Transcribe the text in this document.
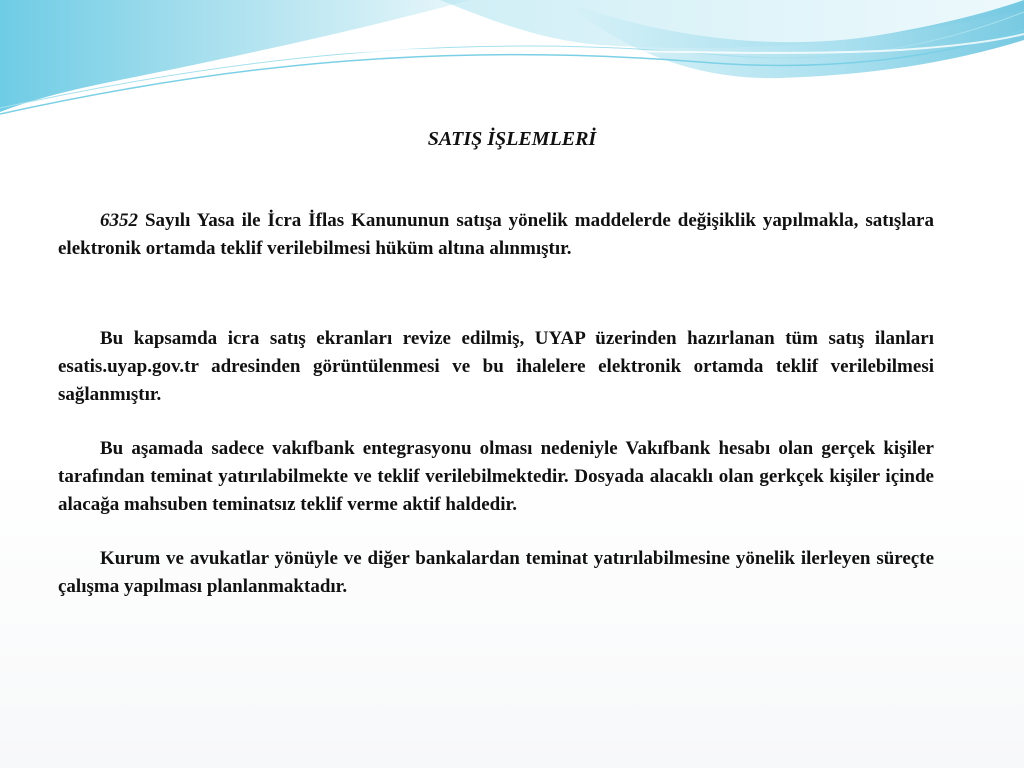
SATIŞ İŞLEMLERİ

6352 Sayılı Yasa ile İcra İflas Kanununun satışa yönelik maddelerde değişiklik yapılmakla, satışlara elektronik ortamda teklif verilebilmesi hüküm altına alınmıştır.

Bu kapsamda icra satış ekranları revize edilmiş, UYAP üzerinden hazırlanan tüm satış ilanları esatis.uyap.gov.tr adresinden görüntülenmesi ve bu ihalelere elektronik ortamda teklif verilebilmesi sağlanmıştır.

Bu aşamada sadece vakıfbank entegrasyonu olması nedeniyle Vakıfbank hesabı olan gerçek kişiler tarafından teminat yatırılabilmekte ve teklif verilebilmektedir. Dosyada alacaklı olan gerkçek kişiler içinde alacağa mahsuben teminatsız teklif verme aktif haldedir.

Kurum ve avukatlar yönüyle ve diğer bankalardan teminat yatırılabilmesine yönelik ilerleyen süreçte çalışma yapılması planlanmaktadır.
